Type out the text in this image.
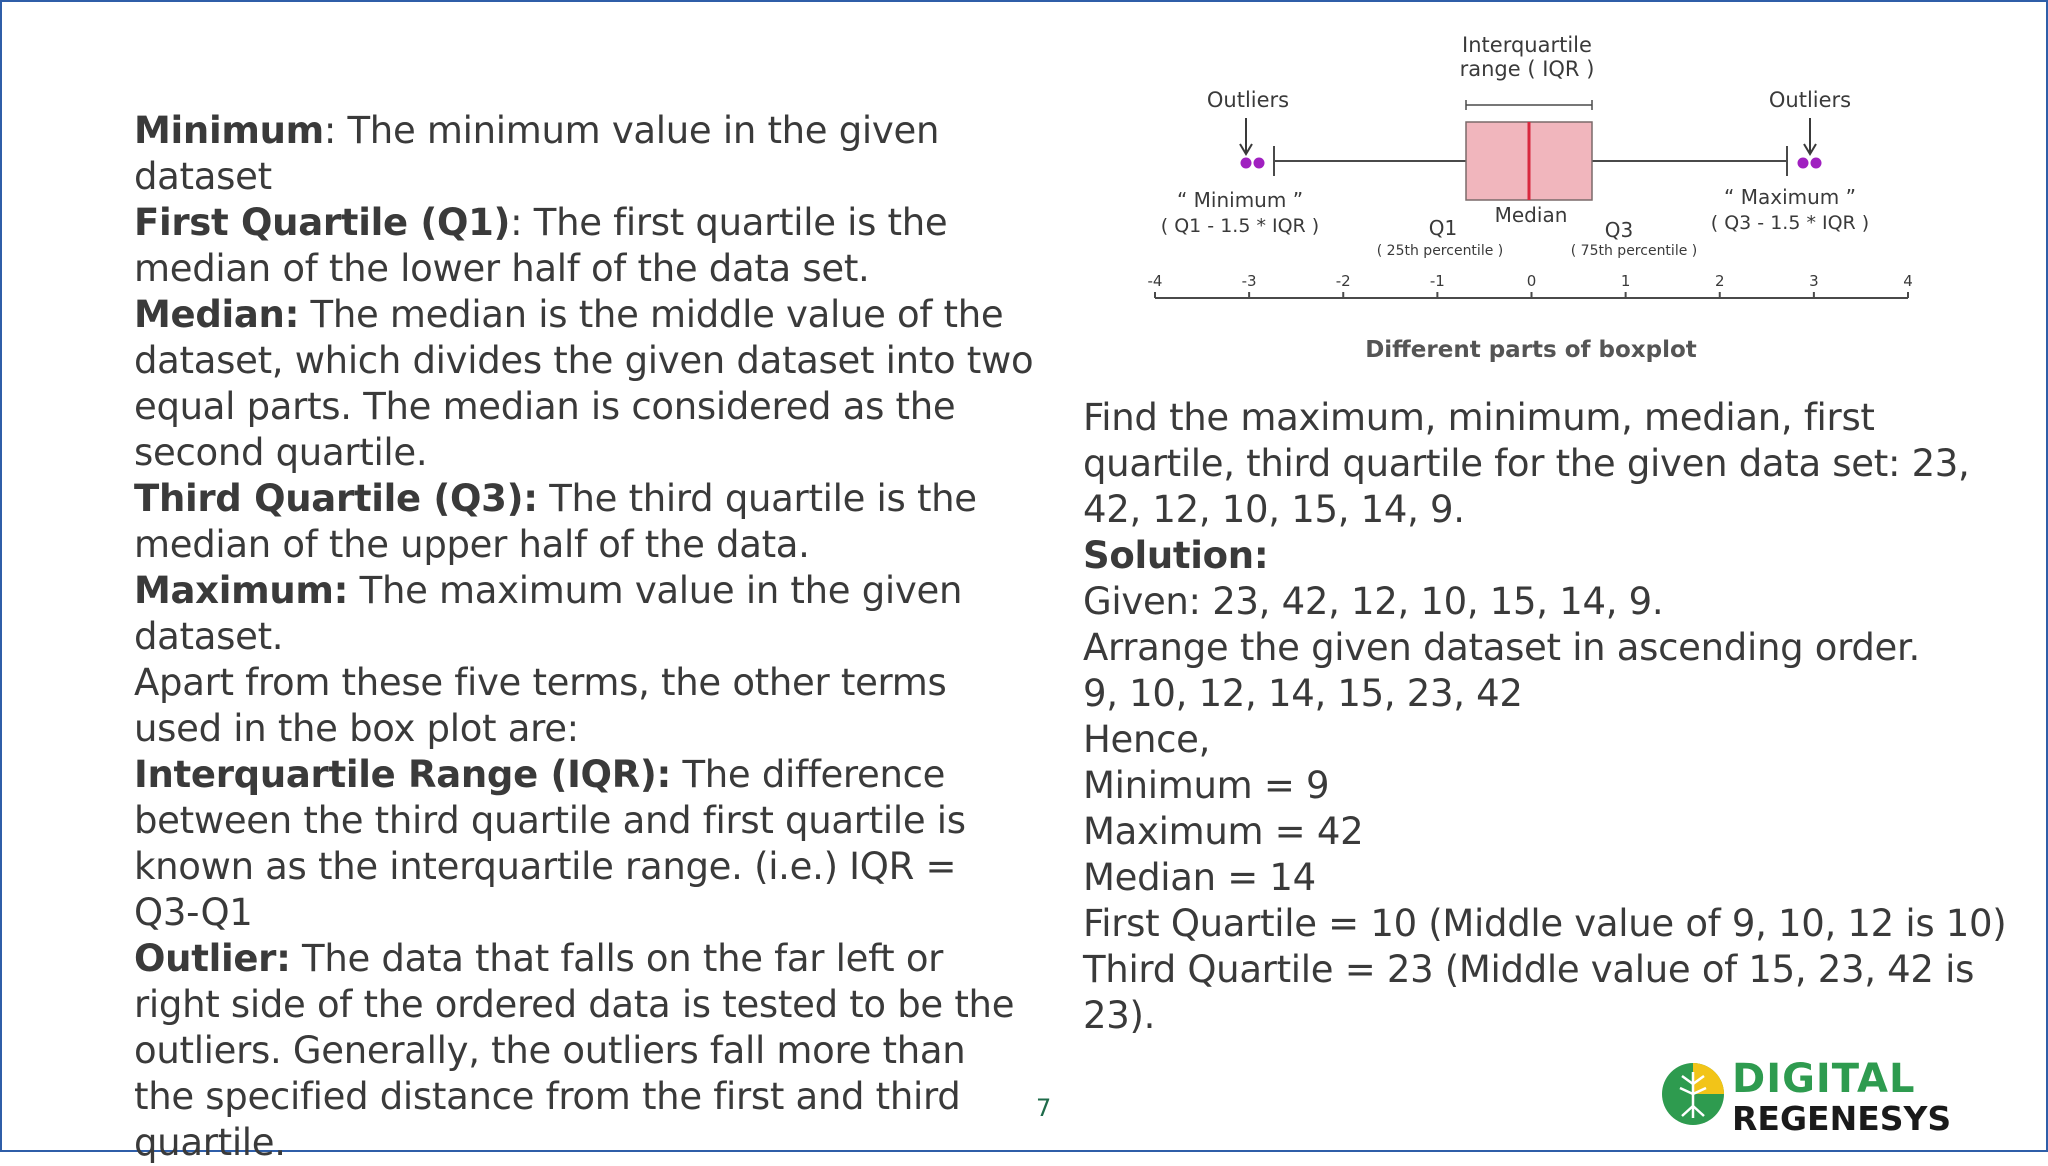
Minimum: The minimum value in the given dataset

First Quartile (Q1): The first quartile is the median of the lower half of the data set.

Median: The median is the middle value of the dataset, which divides the given dataset into two equal parts. The median is considered as the second quartile.

Third Quartile (Q3): The third quartile is the median of the upper half of the data.

Maximum: The maximum value in the given dataset.

Apart from these five terms, the other terms used in the box plot are:

Interquartile Range (IQR): The difference between the third quartile and first quartile is known as the interquartile range. (i.e.) IQR = Q3-Q1

Outlier: The data that falls on the far left or right side of the ordered data is tested to be the outliers. Generally, the outliers fall more than the specified distance from the first and third quartile.

7
Interquartile
range ( IQR )
Outliers	Outliers
“ Minimum ”
( Q1 - 1.5 * IQR )
“ Maximum ”
( Q3 - 1.5 * IQR )
Q1
( 25th percentile )
Median
Q3
( 75th percentile )
-4	-3	-2	-1	0	1	2	3	4
Different parts of boxplot

Find the maximum, minimum, median, first quartile, third quartile for the given data set: 23, 42, 12, 10, 15, 14, 9.

Solution:

Given: 23, 42, 12, 10, 15, 14, 9.

Arrange the given dataset in ascending order.

9, 10, 12, 14, 15, 23, 42

Hence,

Minimum = 9

Maximum = 42

Median = 14

First Quartile = 10 (Middle value of 9, 10, 12 is 10)

Third Quartile = 23 (Middle value of 15, 23, 42 is 23).

DIGITAL
REGENESYS
